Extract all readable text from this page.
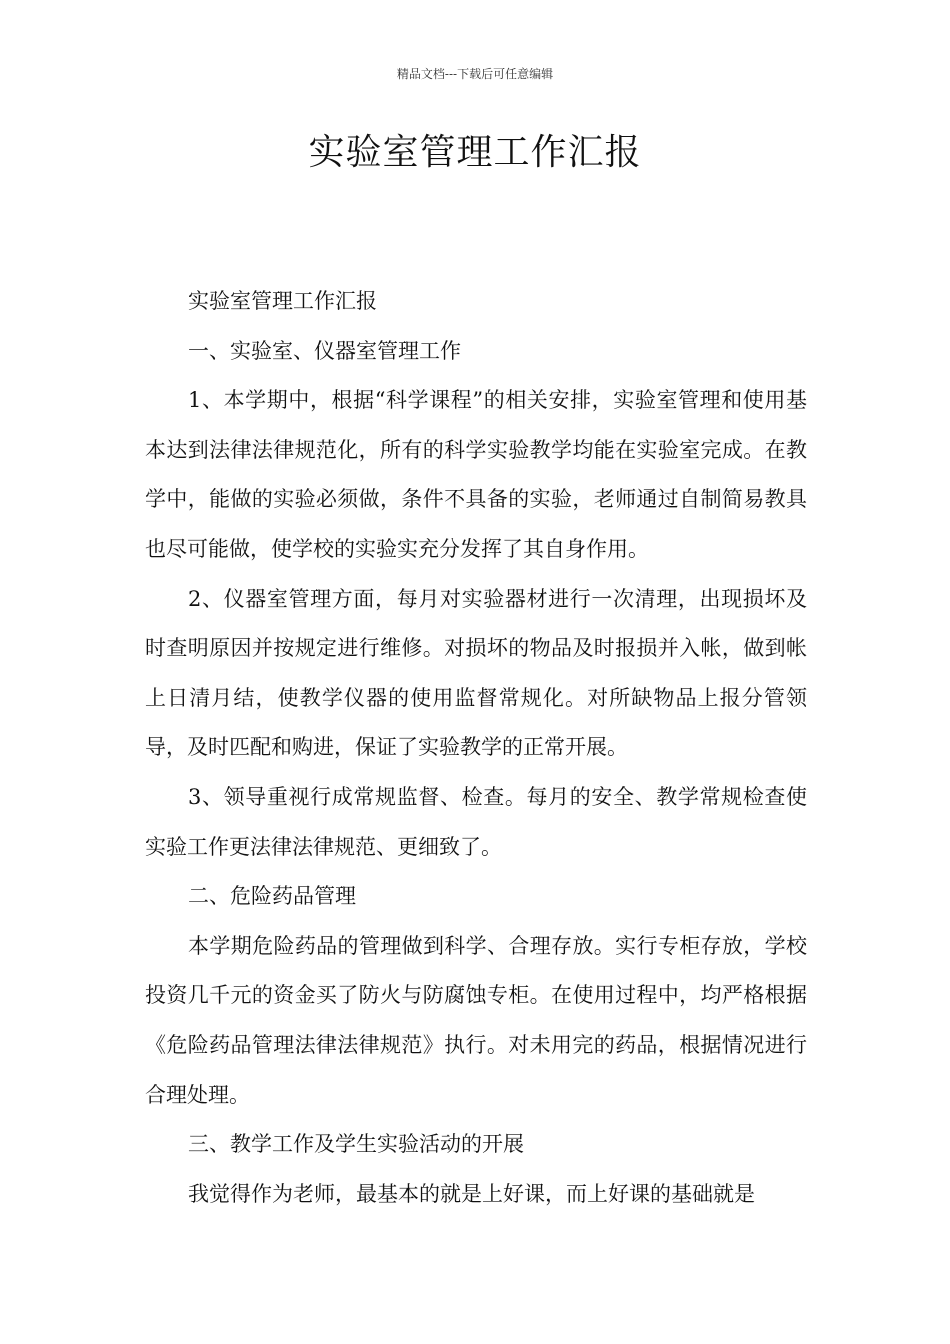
精品文档---下载后可任意编辑
实验室管理工作汇报

实验室管理工作汇报

一、实验室、仪器室管理工作

1、本学期中，根据“科学课程”的相关安排，实验室管理和使用基本达到法律法律规范化，所有的科学实验教学均能在实验室完成。在教学中，能做的实验必须做，条件不具备的实验，老师通过自制简易教具也尽可能做，使学校的实验实充分发挥了其自身作用。

2、仪器室管理方面，每月对实验器材进行一次清理，出现损坏及时查明原因并按规定进行维修。对损坏的物品及时报损并入帐，做到帐上日清月结，使教学仪器的使用监督常规化。对所缺物品上报分管领导，及时匹配和购进，保证了实验教学的正常开展。

3、领导重视行成常规监督、检查。每月的安全、教学常规检查使实验工作更法律法律规范、更细致了。

二、危险药品管理

本学期危险药品的管理做到科学、合理存放。实行专柜存放，学校投资几千元的资金买了防火与防腐蚀专柜。在使用过程中，均严格根据《危险药品管理法律法律规范》执行。对未用完的药品，根据情况进行合理处理。

三、教学工作及学生实验活动的开展

我觉得作为老师，最基本的就是上好课，而上好课的基础就是
